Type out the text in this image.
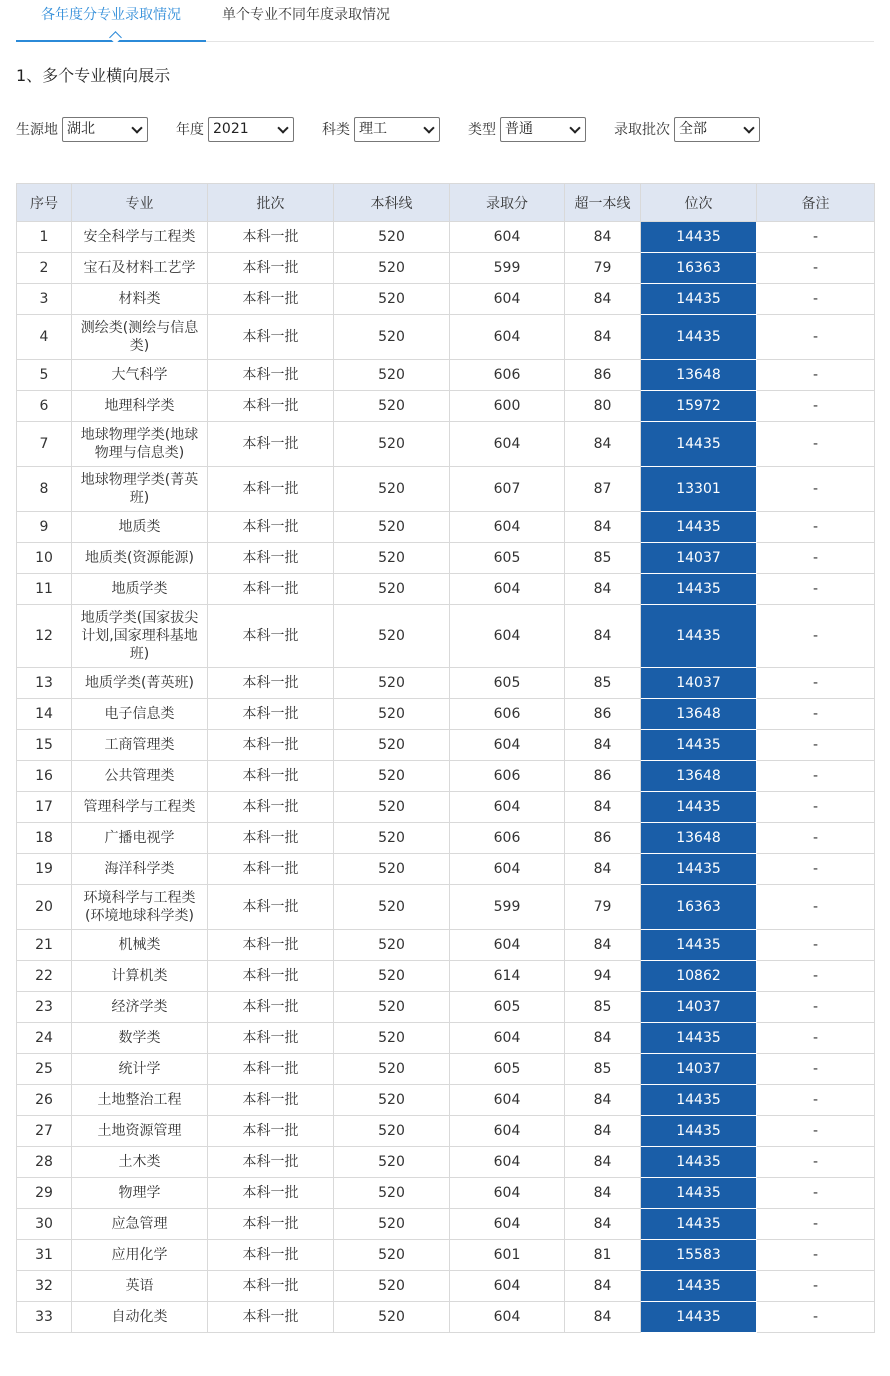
各年度分专业录取情况	单个专业不同年度录取情况
1、多个专业横向展示
生源地 湖北	年度 2021	科类 理工	类型 普通	录取批次 全部
序号	专业	批次	本科线	录取分	超一本线	位次	备注
1	安全科学与工程类	本科一批	520	604	84	14435	-
2	宝石及材料工艺学	本科一批	520	599	79	16363	-
3	材料类	本科一批	520	604	84	14435	-
4	测绘类(测绘与信息类)	本科一批	520	604	84	14435	-
5	大气科学	本科一批	520	606	86	13648	-
6	地理科学类	本科一批	520	600	80	15972	-
7	地球物理学类(地球物理与信息类)	本科一批	520	604	84	14435	-
8	地球物理学类(菁英班)	本科一批	520	607	87	13301	-
9	地质类	本科一批	520	604	84	14435	-
10	地质类(资源能源)	本科一批	520	605	85	14037	-
11	地质学类	本科一批	520	604	84	14435	-
12	地质学类(国家拔尖计划,国家理科基地班)	本科一批	520	604	84	14435	-
13	地质学类(菁英班)	本科一批	520	605	85	14037	-
14	电子信息类	本科一批	520	606	86	13648	-
15	工商管理类	本科一批	520	604	84	14435	-
16	公共管理类	本科一批	520	606	86	13648	-
17	管理科学与工程类	本科一批	520	604	84	14435	-
18	广播电视学	本科一批	520	606	86	13648	-
19	海洋科学类	本科一批	520	604	84	14435	-
20	环境科学与工程类(环境地球科学类)	本科一批	520	599	79	16363	-
21	机械类	本科一批	520	604	84	14435	-
22	计算机类	本科一批	520	614	94	10862	-
23	经济学类	本科一批	520	605	85	14037	-
24	数学类	本科一批	520	604	84	14435	-
25	统计学	本科一批	520	605	85	14037	-
26	土地整治工程	本科一批	520	604	84	14435	-
27	土地资源管理	本科一批	520	604	84	14435	-
28	土木类	本科一批	520	604	84	14435	-
29	物理学	本科一批	520	604	84	14435	-
30	应急管理	本科一批	520	604	84	14435	-
31	应用化学	本科一批	520	601	81	15583	-
32	英语	本科一批	520	604	84	14435	-
33	自动化类	本科一批	520	604	84	14435	-
